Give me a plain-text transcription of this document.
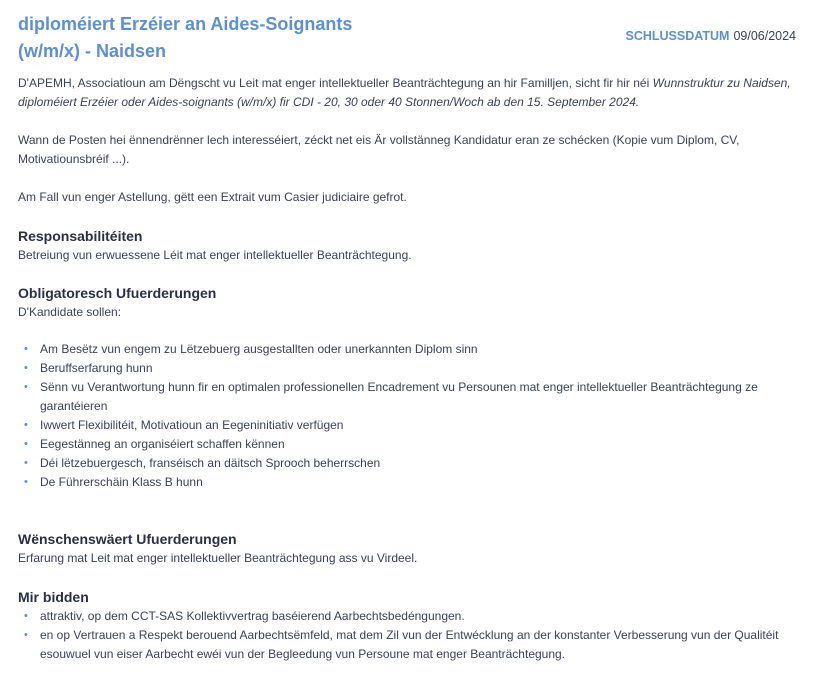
diploméiert Erzéier an Aides-Soignants
(w/m/x) - Naidsen
SCHLUSSDATUM 09/06/2024

D'APEMH, Associatioun am Dëngscht vu Leit mat enger intellektueller Beanträchtegung an hir Familljen, sicht fir hir néi Wunnstruktur zu Naidsen, diploméiert Erzéier oder Aides-soignants (w/m/x) fir CDI - 20, 30 oder 40 Stonnen/Woch ab den 15. September 2024.

Wann de Posten hei ënnendrënner lech interesséiert, zéckt net eis Är vollstänneg Kandidatur eran ze schécken (Kopie vum Diplom, CV, Motivatiounsbréif ...).

Am Fall vun enger Astellung, gëtt een Extrait vum Casier judiciaire gefrot.

Responsabilitéiten

Betreiung vun erwuessene Léit mat enger intellektueller Beanträchtegung.

Obligatoresch Ufuerderungen

D'Kandidate sollen:

• Am Besëtz vun engem zu Lëtzebuerg ausgestallten oder unerkannten Diplom sinn
• Beruffserfarung hunn
• Sënn vu Verantwortung hunn fir en optimalen professionellen Encadrement vu Persounen mat enger intellektueller Beanträchtegung ze garantéieren
• Iwwert Flexibilitéit, Motivatioun an Eegeninitiativ verfügen
• Eegestänneg an organiséiert schaffen kënnen
• Déi lëtzebuergesch, franséisch an däitsch Sprooch beherrschen
• De Führerschäin Klass B hunn
Wënschenswäert Ufuerderungen

Erfarung mat Leit mat enger intellektueller Beanträchtegung ass vu Virdeel.

Mir bidden
• attraktiv, op dem CCT-SAS Kollektivvertrag baséierend Aarbechtsbedéngungen.
• en op Vertrauen a Respekt berouend Aarbechtsëmfeld, mat dem Zil vun der Entwécklung an der konstanter Verbesserung vun der Qualitéit esouwuel vun eiser Aarbecht ewéi vun der Begleedung vun Persoune mat enger Beanträchtegung.
